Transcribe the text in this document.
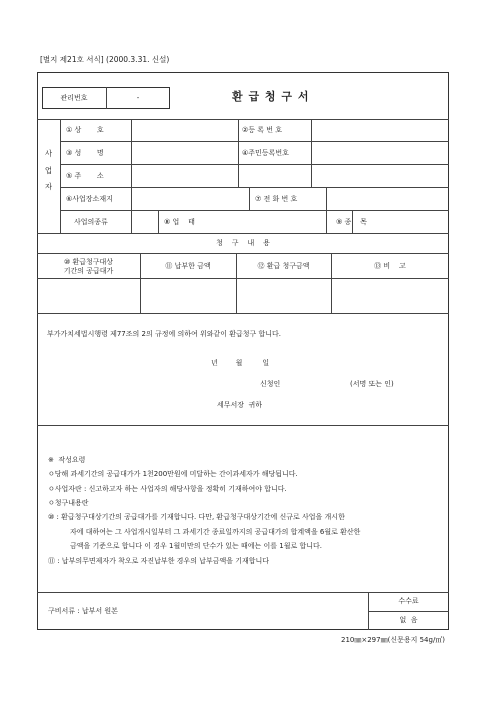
[별지 제21호 서식] (2000.3.31. 신설)
관리번호	-	환 급 청 구 서
사

업

자
① 상       호	②등 록 번 호
③ 성       명	④주민등록번호
⑤ 주       소
⑥사업장소재지	⑦ 전 화 번 호
사업의종류	⑧ 업    태	⑨ 종    목
청    구    내    용
⑩ 환급청구대상
기간의 공급대가
⑪ 납부한 금액	⑫ 환급 청구금액	⑬ 비    고
부가가치세법시행령 제77조의 2의 규정에 의하여 위와같이 환급청구 합니다.
년        월         일
신청인	(서명 또는 인)
세무서장  귀하
※  작성요령
ㅇ당해 과세기간의 공급대가가 1천200만원에 미달하는 간이과세자가 해당됩니다.
ㅇ사업자란 : 신고하고자 하는 사업자의 해당사항을 정확히 기재하여야 합니다.
ㅇ청구내용란
⑩ : 환급청구대상기간의 공급대가를 기재합니다. 다만, 환급청구대상기간에 신규로 사업을 개시한
자에 대하여는 그 사업개시일부터 그 과세기간 종료일까지의 공급대가의 합계액을 6월로 환산한
금액을 기준으로 합니다 이 경우 1월미만의 단수가 있는 때에는 이를 1월로 합니다.
⑪ : 납부의무면제자가 착오로 자진납부한 경우의 납부금액을 기재합니다
구비서류 : 납부서 원본
수수료
없  음
210㎜×297㎜(신문용지 54g/㎡)
